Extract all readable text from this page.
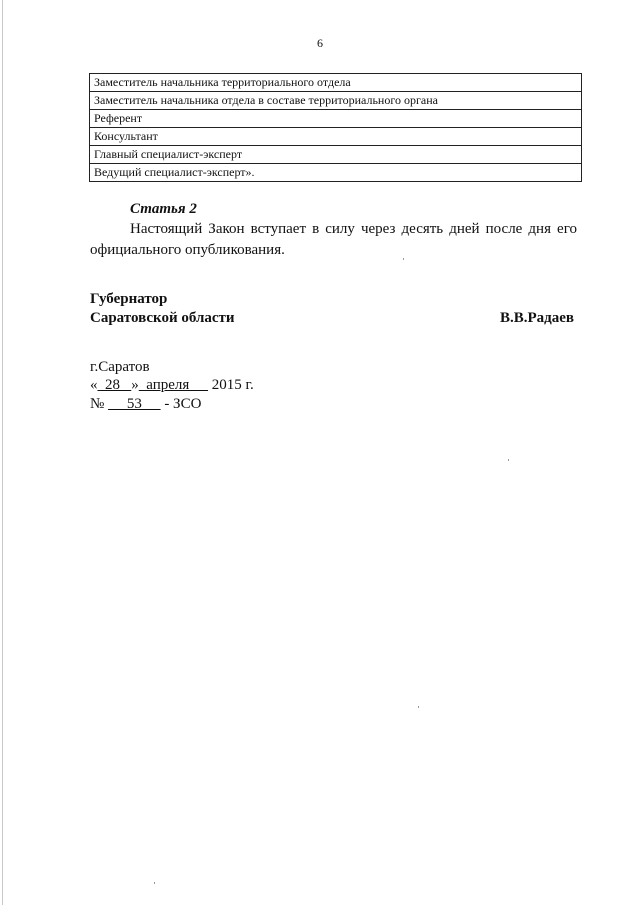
6
Заместитель начальника территориального отдела
Заместитель начальника отдела в составе территориального органа
Референт
Консультант
Главный специалист-эксперт
Ведущий специалист-эксперт».
Статья 2

Настоящий Закон вступает в силу через десять дней после дня его официального опубликования.

Губернатор
Саратовской области	В.В.Радаев
г.Саратов
«  28   »  апреля      2015 г.
№      53      - ЗСО
